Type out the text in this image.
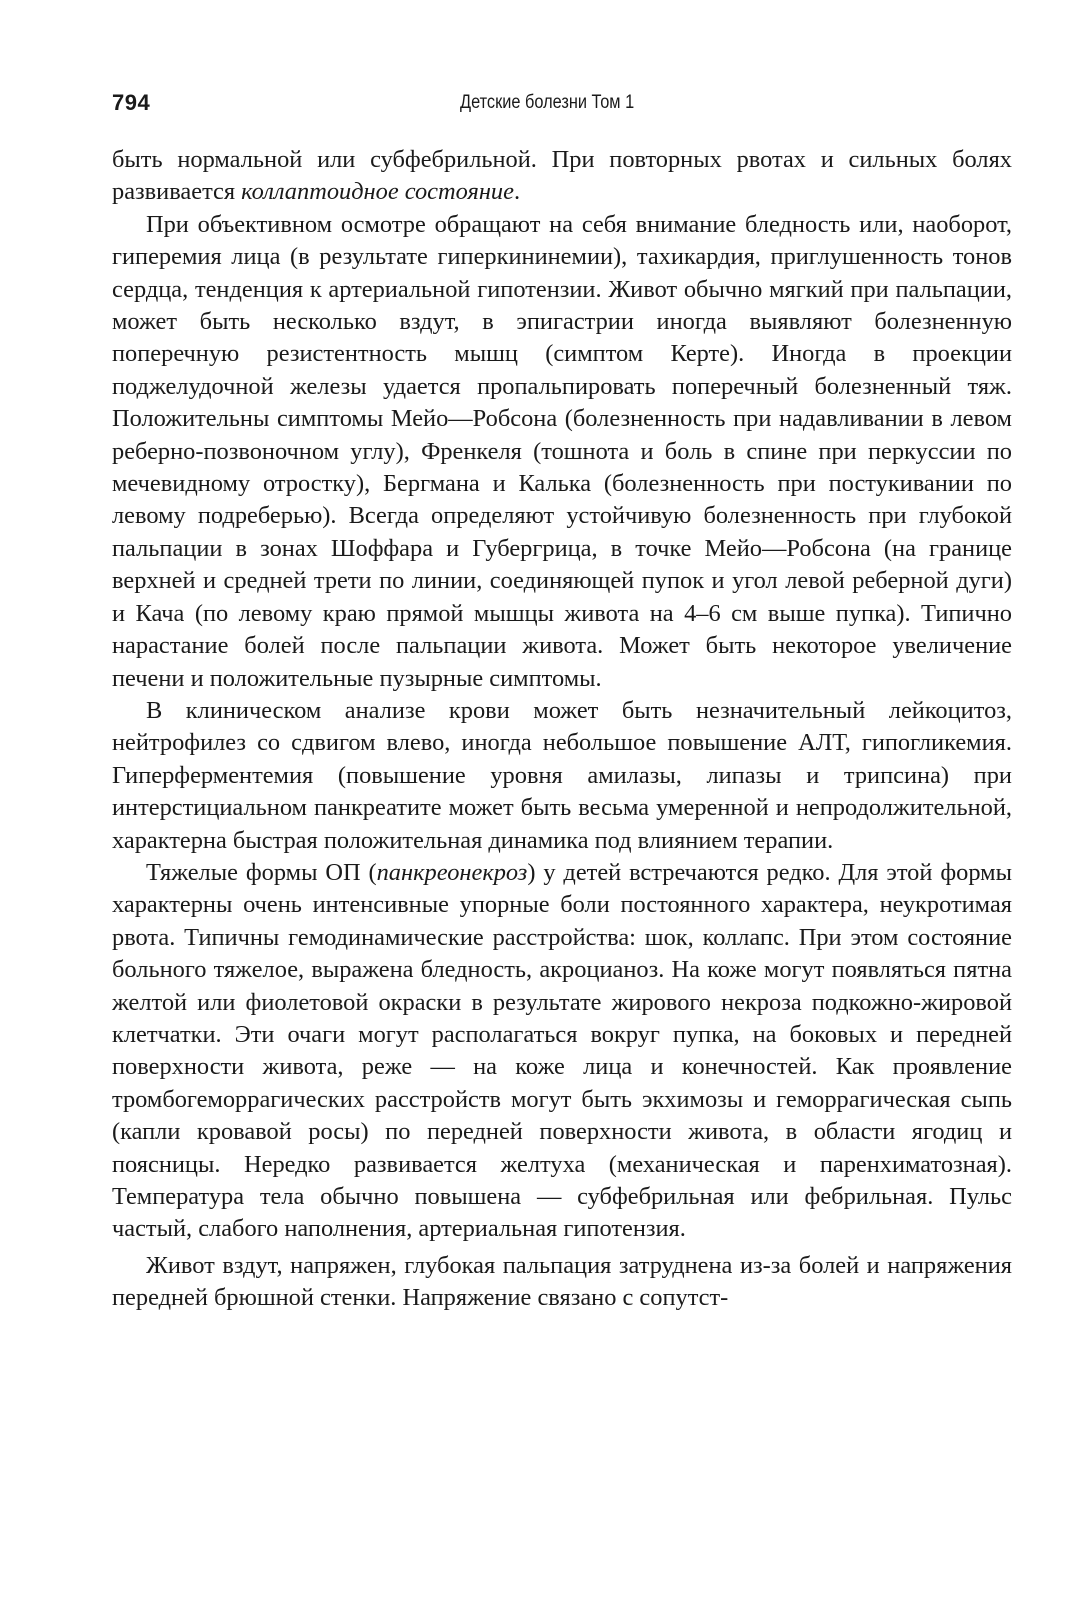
794	Детские болезни Том 1

быть нормальной или субфебрильной. При повторных рвотах и сильных болях развивается коллаптоидное состояние.

При объективном осмотре обращают на себя внимание бледность или, наоборот, гиперемия лица (в результате гиперкининемии), тахикардия, приглушенность тонов сердца, тенденция к артериальной гипотензии. Живот обычно мягкий при пальпации, может быть несколько вздут, в эпигастрии иногда выявляют болезненную поперечную резистентность мышц (симптом Керте). Иногда в проекции поджелудочной железы удается пропальпировать поперечный болезненный тяж. Положительны симптомы Мейо—Робсона (болезненность при надавливании в левом реберно-позвоночном углу), Френкеля (тошнота и боль в спине при перкуссии по мечевидному отростку), Бергмана и Калька (болезненность при постукивании по левому подреберью). Всегда определяют устойчивую болезненность при глубокой пальпации в зонах Шоффара и Губергрица, в точке Мейо—Робсона (на границе верхней и средней трети по линии, соединяющей пупок и угол левой реберной дуги) и Кача (по левому краю прямой мышцы живота на 4–6 см выше пупка). Типично нарастание болей после пальпации живота. Может быть некоторое увеличение печени и положительные пузырные симптомы.

В клиническом анализе крови может быть незначительный лейкоцитоз, нейтрофилез со сдвигом влево, иногда небольшое повышение АЛТ, гипогликемия. Гиперферментемия (повышение уровня амилазы, липазы и трипсина) при интерстициальном панкреатите может быть весьма умеренной и непродолжительной, характерна быстрая положительная динамика под влиянием терапии.

Тяжелые формы ОП (панкреонекроз) у детей встречаются редко. Для этой формы характерны очень интенсивные упорные боли постоянного характера, неукротимая рвота. Типичны гемодинамические расстройства: шок, коллапс. При этом состояние больного тяжелое, выражена бледность, акроцианоз. На коже могут появляться пятна желтой или фиолетовой окраски в результате жирового некроза подкожно-жировой клетчатки. Эти очаги могут располагаться вокруг пупка, на боковых и передней поверхности живота, реже — на коже лица и конечностей. Как проявление тромбогеморрагических расстройств могут быть экхимозы и геморрагическая сыпь (капли кровавой росы) по передней поверхности живота, в области ягодиц и поясницы. Нередко развивается желтуха (механическая и паренхиматозная). Температура тела обычно повышена — субфебрильная или фебрильная. Пульс частый, слабого наполнения, артериальная гипотензия.

Живот вздут, напряжен, глубокая пальпация затруднена из-за болей и напряжения передней брюшной стенки. Напряжение связано с сопутст-
